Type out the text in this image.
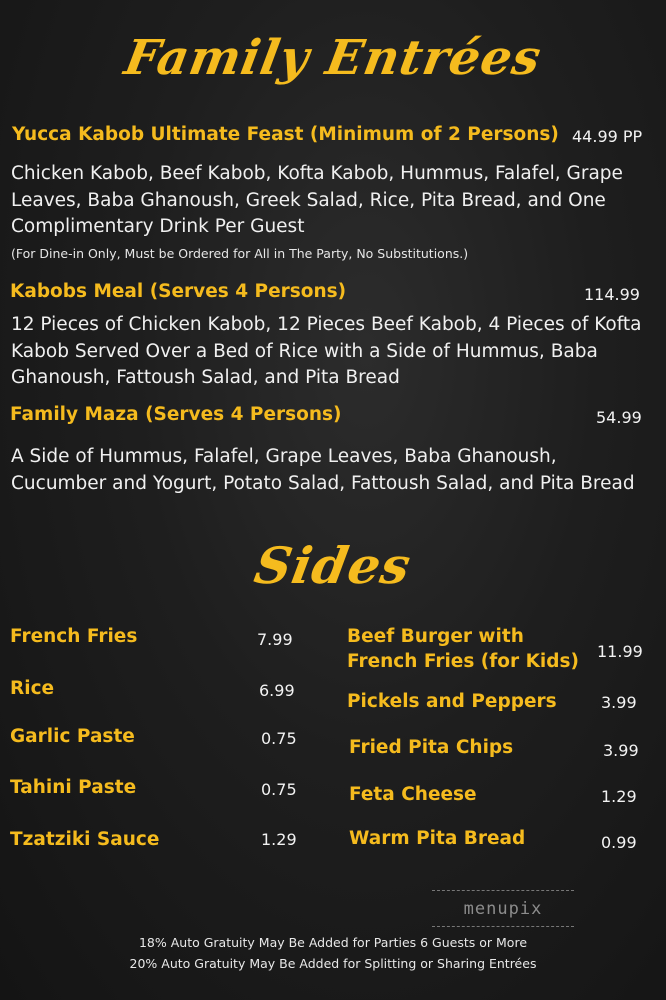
Family Entrées
Yucca Kabob Ultimate Feast (Minimum of 2 Persons) 44.99 PP
Chicken Kabob, Beef Kabob, Kofta Kabob, Hummus, Falafel, Grape Leaves, Baba Ghanoush, Greek Salad, Rice, Pita Bread, and One Complimentary Drink Per Guest
(For Dine-in Only, Must be Ordered for All in The Party, No Substitutions.)
Kabobs Meal (Serves 4 Persons)	114.99
12 Pieces of Chicken Kabob, 12 Pieces Beef Kabob, 4 Pieces of Kofta Kabob Served Over a Bed of Rice with a Side of Hummus, Baba Ghanoush, Fattoush Salad, and Pita Bread
Family Maza (Serves 4 Persons)	54.99
A Side of Hummus, Falafel, Grape Leaves, Baba Ghanoush, Cucumber and Yogurt, Potato Salad, Fattoush Salad, and Pita Bread
Sides
French Fries	7.99
Rice	6.99
Garlic Paste	0.75
Tahini Paste	0.75
Tzatziki Sauce	1.29
Beef Burger with French Fries (for Kids)	11.99
Pickels and Peppers	3.99
Fried Pita Chips	3.99
Feta Cheese	1.29
Warm Pita Bread	0.99
menupix
18% Auto Gratuity May Be Added for Parties 6 Guests or More
20% Auto Gratuity May Be Added for Splitting or Sharing Entrées
